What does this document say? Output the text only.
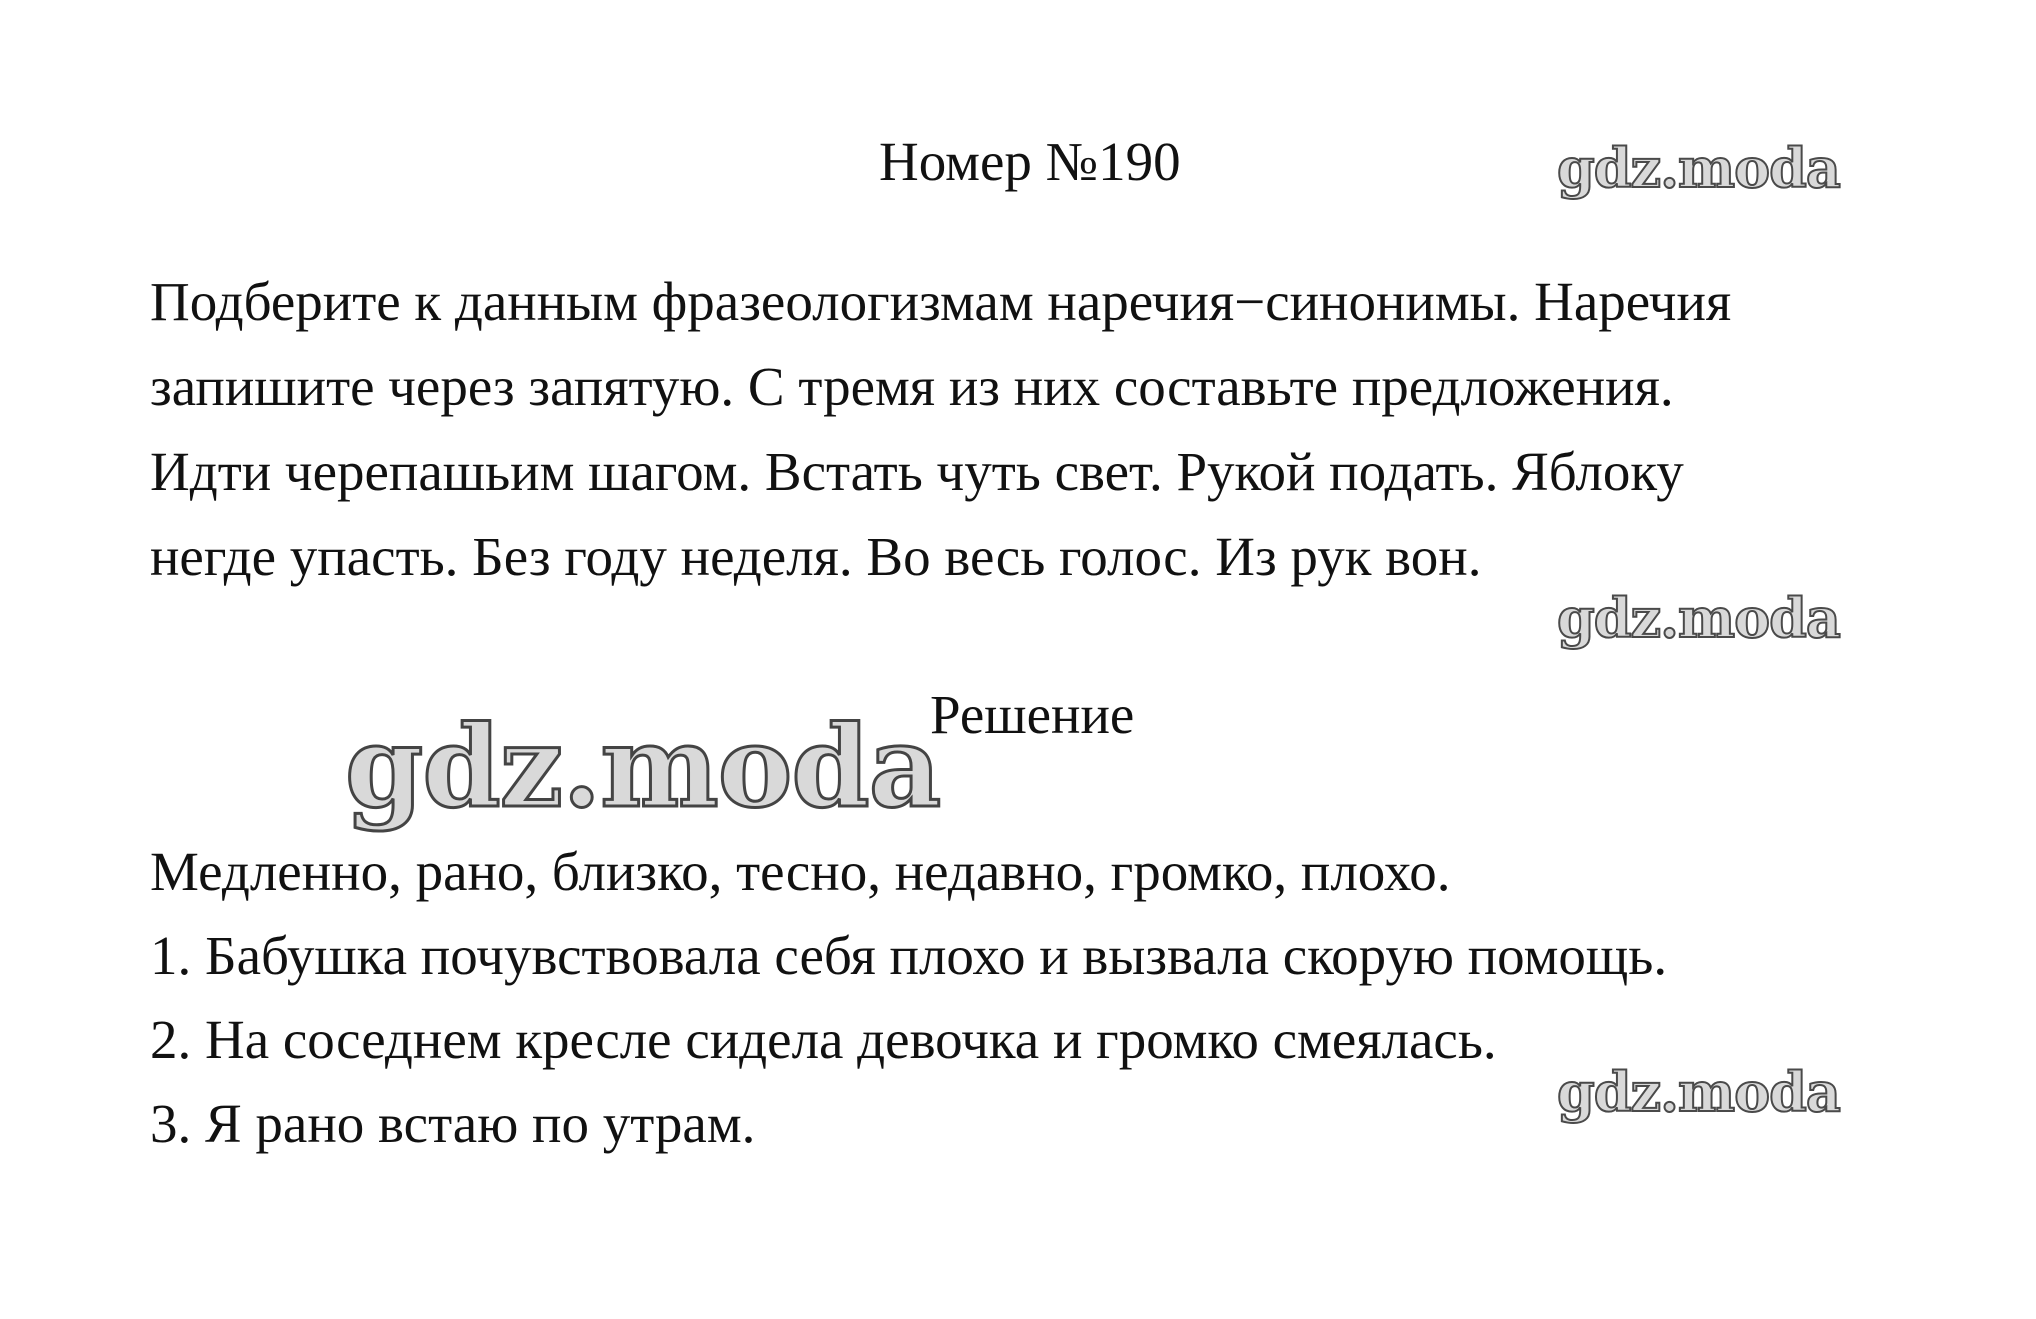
Номер №190	gdz.moda
Подберите к данным фразеологизмам наречия−синонимы. Наречия
запишите через запятую. С тремя из них составьте предложения.
Идти черепашьим шагом. Встать чуть свет. Рукой подать. Яблоку
негде упасть. Без году неделя. Во весь голос. Из рук вон.
gdz.moda
Решение
gdz.moda
Медленно, рано, близко, тесно, недавно, громко, плохо.
1. Бабушка почувствовала себя плохо и вызвала скорую помощь.
2. На соседнем кресле сидела девочка и громко смеялась.
3. Я рано встаю по утрам.	gdz.moda
